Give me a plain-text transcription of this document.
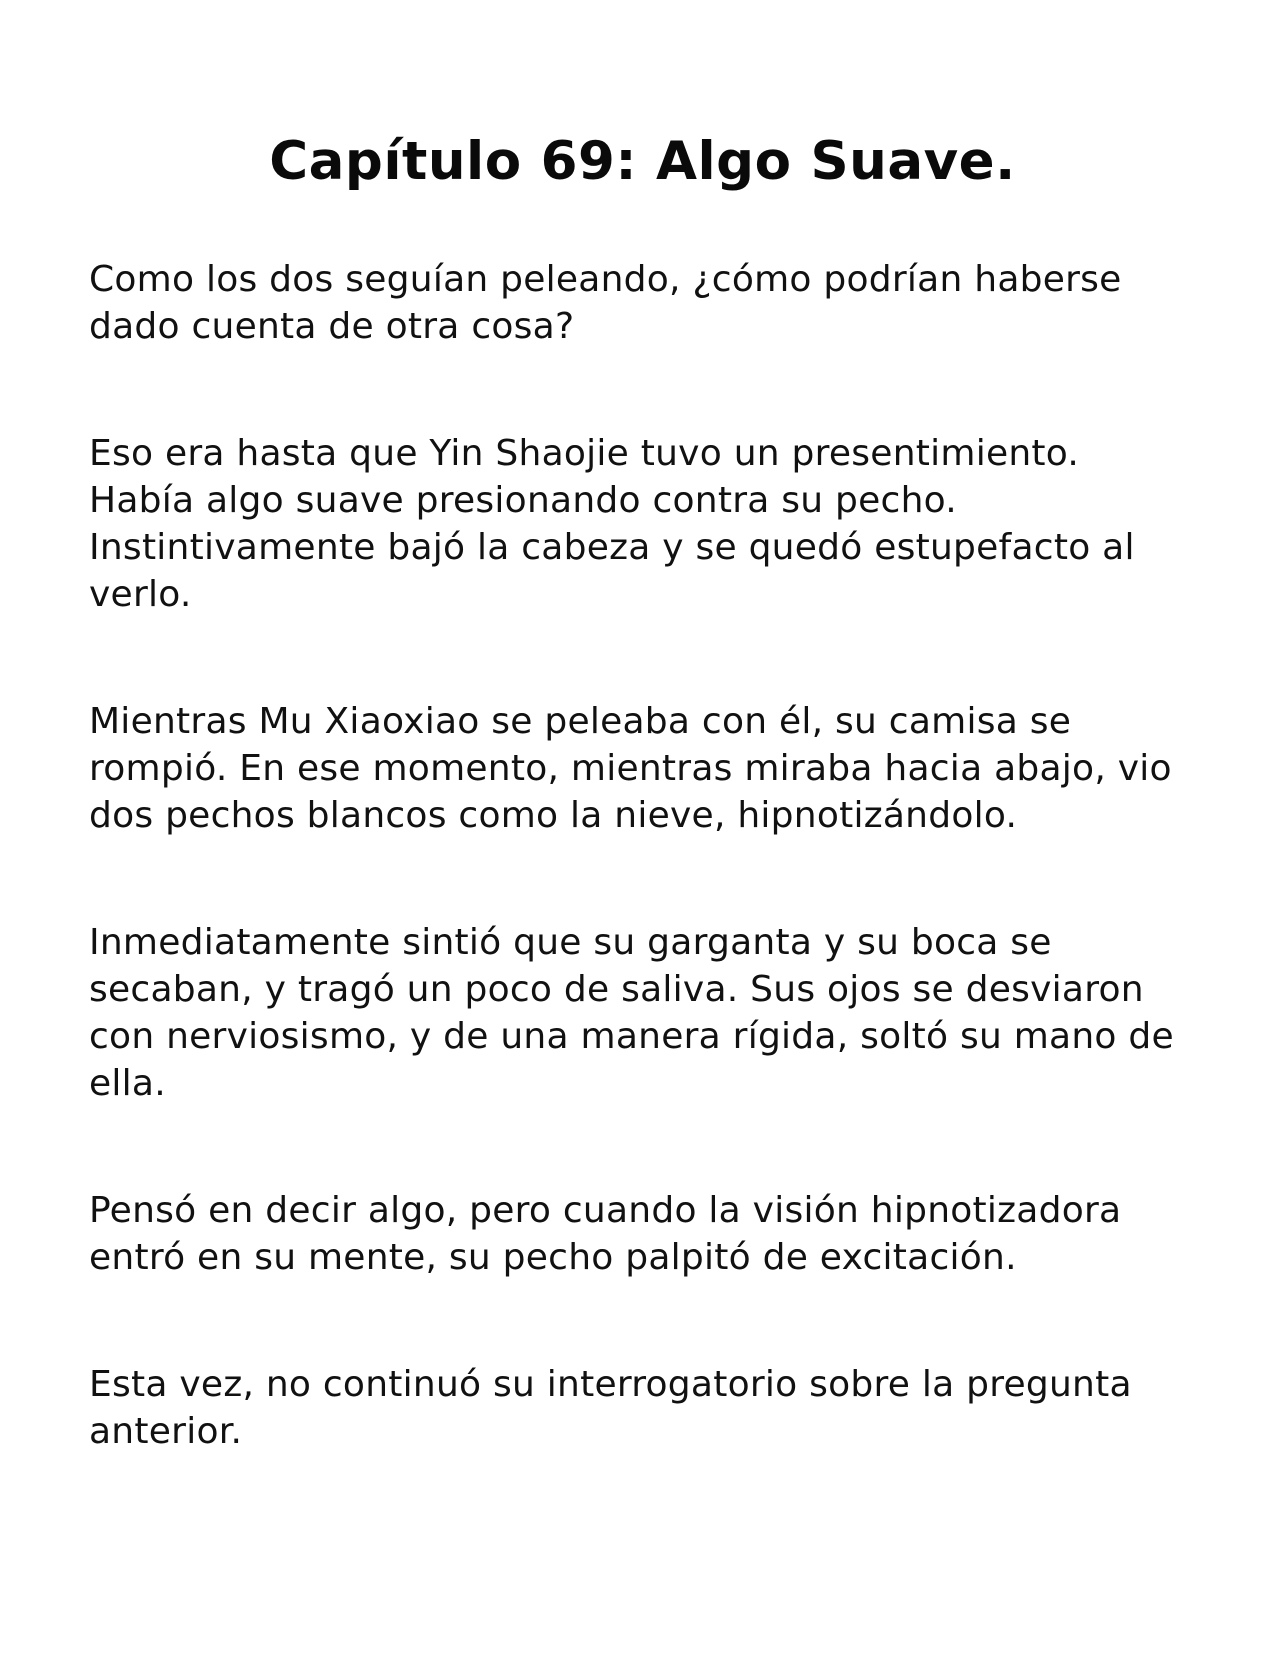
Capítulo 69: Algo Suave.

Como los dos seguían peleando, ¿cómo podrían haberse dado cuenta de otra cosa?

Eso era hasta que Yin Shaojie tuvo un presentimiento. Había algo suave presionando contra su pecho. Instintivamente bajó la cabeza y se quedó estupefacto al verlo.

Mientras Mu Xiaoxiao se peleaba con él, su camisa se rompió. En ese momento, mientras miraba hacia abajo, vio dos pechos blancos como la nieve, hipnotizándolo.

Inmediatamente sintió que su garganta y su boca se secaban, y tragó un poco de saliva. Sus ojos se desviaron con nerviosismo, y de una manera rígida, soltó su mano de ella.

Pensó en decir algo, pero cuando la visión hipnotizadora entró en su mente, su pecho palpitó de excitación.

Esta vez, no continuó su interrogatorio sobre la pregunta anterior.
